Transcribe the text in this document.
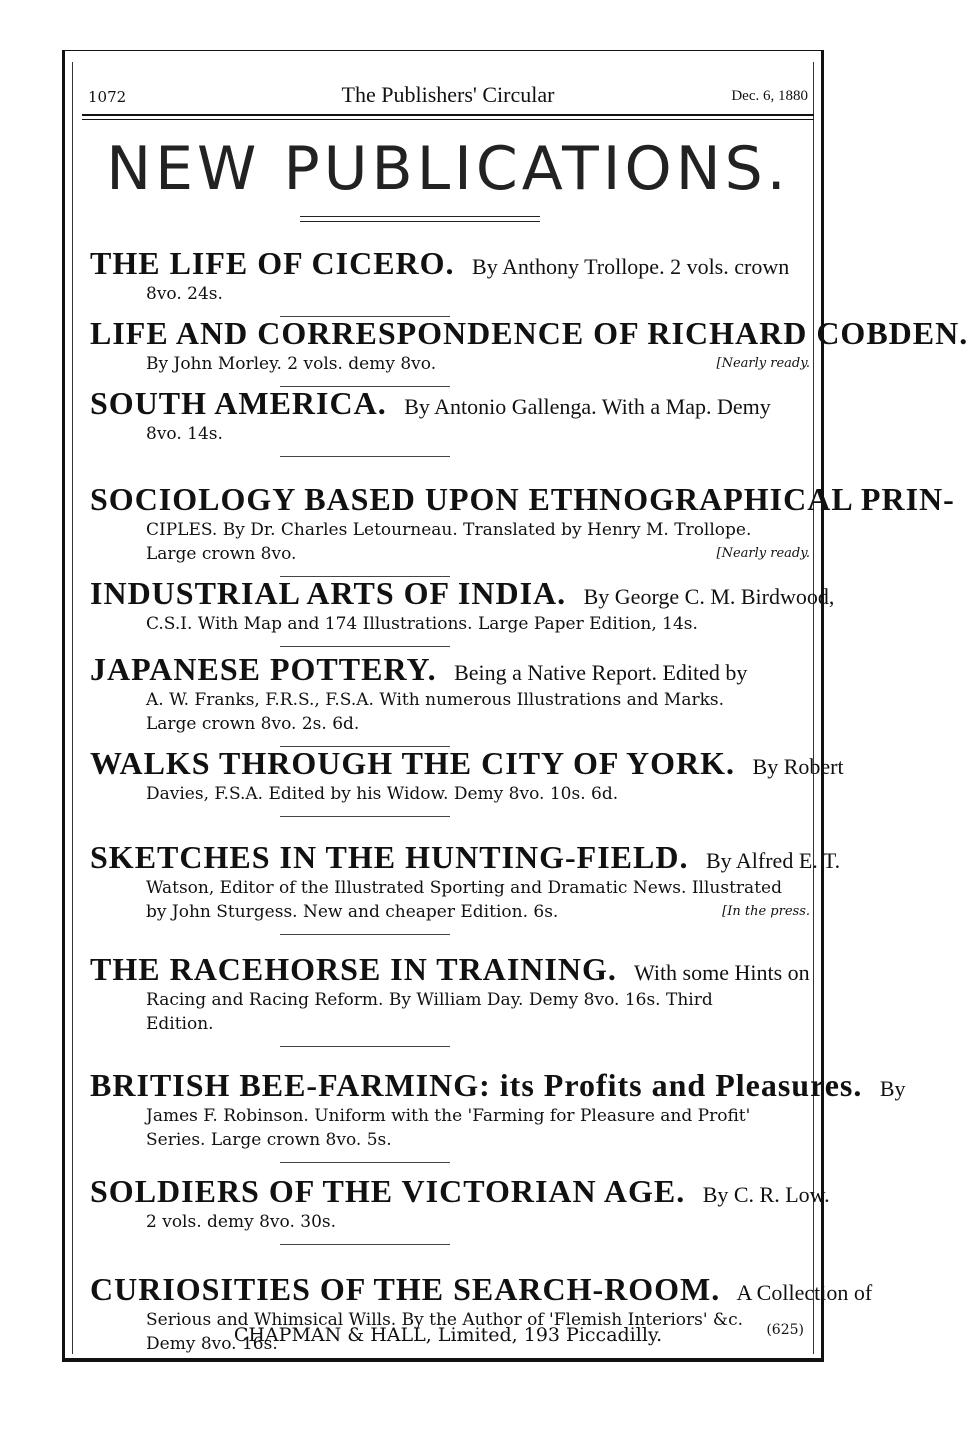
1072	The Publishers' Circular	Dec. 6, 1880
NEW PUBLICATIONS.
THE LIFE OF CICERO. By Anthony Trollope. 2 vols. crown
8vo. 24s.
LIFE AND CORRESPONDENCE OF RICHARD COBDEN.
By John Morley. 2 vols. demy 8vo.	[Nearly ready.
SOUTH AMERICA. By Antonio Gallenga. With a Map. Demy
8vo. 14s.
SOCIOLOGY BASED UPON ETHNOGRAPHICAL PRIN-
CIPLES. By Dr. Charles Letourneau. Translated by Henry M. Trollope.
Large crown 8vo.	[Nearly ready.
INDUSTRIAL ARTS OF INDIA. By George C. M. Birdwood,
C.S.I. With Map and 174 Illustrations. Large Paper Edition, 14s.
JAPANESE POTTERY. Being a Native Report. Edited by
A. W. Franks, F.R.S., F.S.A. With numerous Illustrations and Marks.
Large crown 8vo. 2s. 6d.
WALKS THROUGH THE CITY OF YORK. By Robert
Davies, F.S.A. Edited by his Widow. Demy 8vo. 10s. 6d.
SKETCHES IN THE HUNTING-FIELD. By Alfred E. T.
Watson, Editor of the Illustrated Sporting and Dramatic News. Illustrated
by John Sturgess. New and cheaper Edition. 6s.	[In the press.
THE RACEHORSE IN TRAINING. With some Hints on
Racing and Racing Reform. By William Day. Demy 8vo. 16s. Third
Edition.
BRITISH BEE-FARMING: its Profits and Pleasures. By
James F. Robinson. Uniform with the 'Farming for Pleasure and Profit'
Series. Large crown 8vo. 5s.
SOLDIERS OF THE VICTORIAN AGE. By C. R. Low.
2 vols. demy 8vo. 30s.
CURIOSITIES OF THE SEARCH-ROOM. A Collection of
Serious and Whimsical Wills. By the Author of 'Flemish Interiors' &c.
Demy 8vo. 16s.
CHAPMAN & HALL, Limited, 193 Piccadilly.	(625)
